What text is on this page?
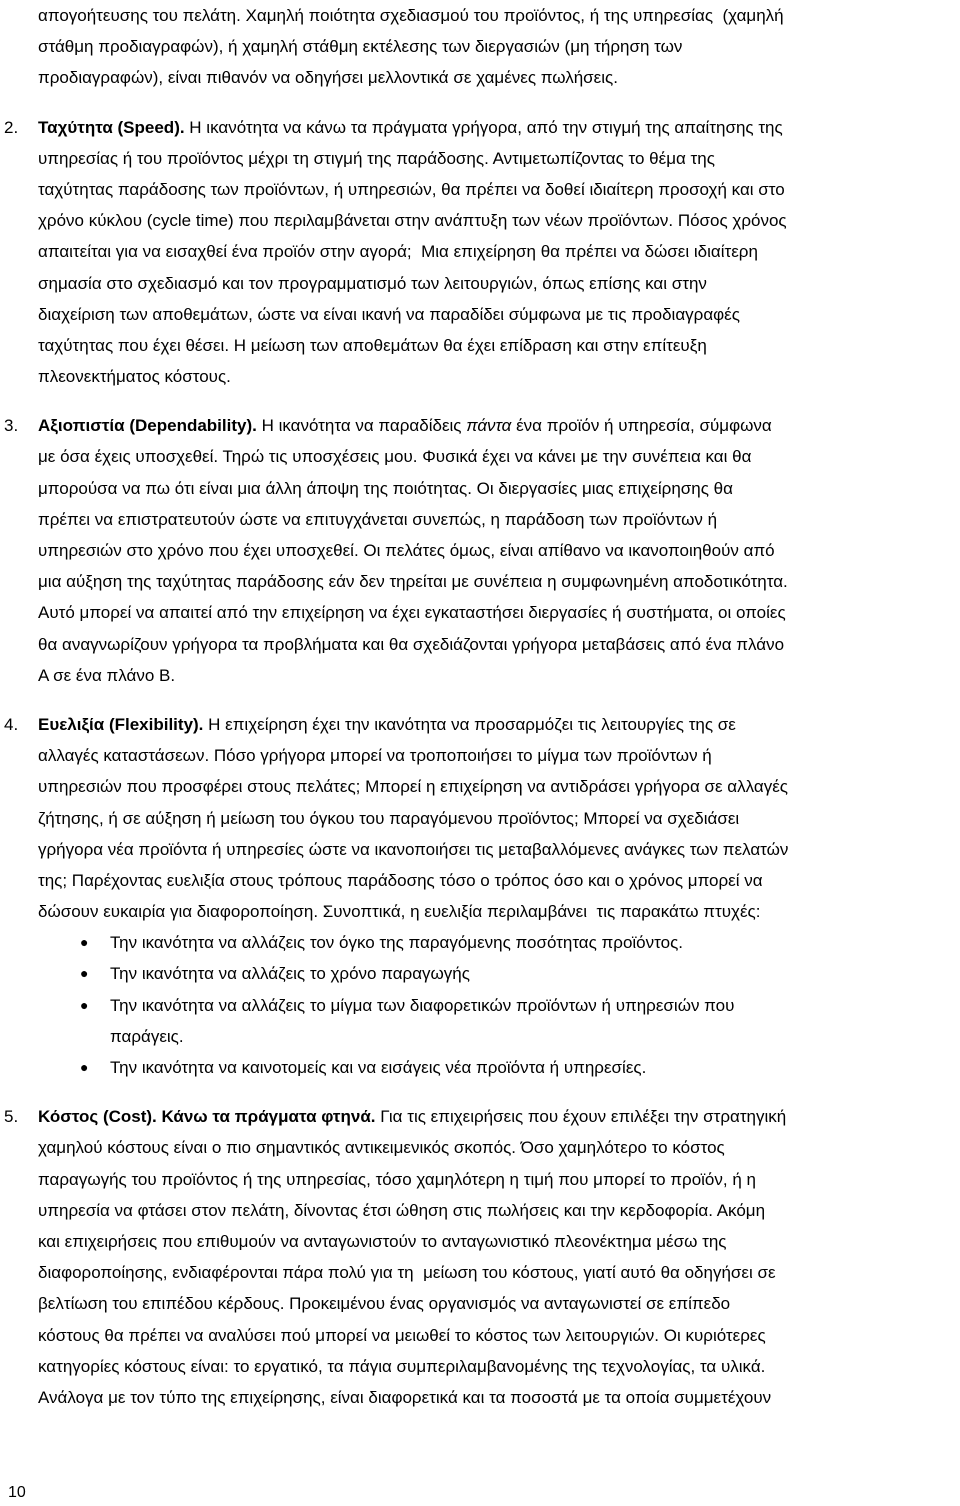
απογοήτευσης του πελάτη. Χαμηλή ποιότητα σχεδιασμού του προϊόντος, ή της υπηρεσίας  (χαμηλή
στάθμη προδιαγραφών), ή χαμηλή στάθμη εκτέλεσης των διεργασιών (μη τήρηση των
προδιαγραφών), είναι πιθανόν να οδηγήσει μελλοντικά σε χαμένες πωλήσεις.
2.	Ταχύτητα (Speed). Η ικανότητα να κάνω τα πράγματα γρήγορα, από την στιγμή της απαίτησης της
υπηρεσίας ή του προϊόντος μέχρι τη στιγμή της παράδοσης. Αντιμετωπίζοντας το θέμα της
ταχύτητας παράδοσης των προϊόντων, ή υπηρεσιών, θα πρέπει να δοθεί ιδιαίτερη προσοχή και στο
χρόνο κύκλου (cycle time) που περιλαμβάνεται στην ανάπτυξη των νέων προϊόντων. Πόσος χρόνος
απαιτείται για να εισαχθεί ένα προϊόν στην αγορά;  Μια επιχείρηση θα πρέπει να δώσει ιδιαίτερη
σημασία στο σχεδιασμό και τον προγραμματισμό των λειτουργιών, όπως επίσης και στην
διαχείριση των αποθεμάτων, ώστε να είναι ικανή να παραδίδει σύμφωνα με τις προδιαγραφές
ταχύτητας που έχει θέσει. Η μείωση των αποθεμάτων θα έχει επίδραση και στην επίτευξη
πλεονεκτήματος κόστους.
3.	Αξιοπιστία (Dependability). Η ικανότητα να παραδίδεις πάντα ένα προϊόν ή υπηρεσία, σύμφωνα
με όσα έχεις υποσχεθεί. Τηρώ τις υποσχέσεις μου. Φυσικά έχει να κάνει με την συνέπεια και θα
μπορούσα να πω ότι είναι μια άλλη άποψη της ποιότητας. Οι διεργασίες μιας επιχείρησης θα
πρέπει να επιστρατευτούν ώστε να επιτυγχάνεται συνεπώς, η παράδοση των προϊόντων ή
υπηρεσιών στο χρόνο που έχει υποσχεθεί. Οι πελάτες όμως, είναι απίθανο να ικανοποιηθούν από
μια αύξηση της ταχύτητας παράδοσης εάν δεν τηρείται με συνέπεια η συμφωνημένη αποδοτικότητα.
Αυτό μπορεί να απαιτεί από την επιχείρηση να έχει εγκαταστήσει διεργασίες ή συστήματα, οι οποίες
θα αναγνωρίζουν γρήγορα τα προβλήματα και θα σχεδιάζονται γρήγορα μεταβάσεις από ένα πλάνο
Α σε ένα πλάνο Β.
4.	Ευελιξία (Flexibility). Η επιχείρηση έχει την ικανότητα να προσαρμόζει τις λειτουργίες της σε
αλλαγές καταστάσεων. Πόσο γρήγορα μπορεί να τροποποιήσει το μίγμα των προϊόντων ή
υπηρεσιών που προσφέρει στους πελάτες; Μπορεί η επιχείρηση να αντιδράσει γρήγορα σε αλλαγές
ζήτησης, ή σε αύξηση ή μείωση του όγκου του παραγόμενου προϊόντος; Μπορεί να σχεδιάσει
γρήγορα νέα προϊόντα ή υπηρεσίες ώστε να ικανοποιήσει τις μεταβαλλόμενες ανάγκες των πελατών
της; Παρέχοντας ευελιξία στους τρόπους παράδοσης τόσο ο τρόπος όσο και ο χρόνος μπορεί να
δώσουν ευκαιρία για διαφοροποίηση. Συνοπτικά, η ευελιξία περιλαμβάνει  τις παρακάτω πτυχές:
● Την ικανότητα να αλλάζεις τον όγκο της παραγόμενης ποσότητας προϊόντος.
● Την ικανότητα να αλλάζεις το χρόνο παραγωγής
● Την ικανότητα να αλλάζεις το μίγμα των διαφορετικών προϊόντων ή υπηρεσιών που
παράγεις.
● Την ικανότητα να καινοτομείς και να εισάγεις νέα προϊόντα ή υπηρεσίες.
5.	Κόστος (Cost). Κάνω τα πράγματα φτηνά. Για τις επιχειρήσεις που έχουν επιλέξει την στρατηγική
χαμηλού κόστους είναι ο πιο σημαντικός αντικειμενικός σκοπός. Όσο χαμηλότερο το κόστος
παραγωγής του προϊόντος ή της υπηρεσίας, τόσο χαμηλότερη η τιμή που μπορεί το προϊόν, ή η
υπηρεσία να φτάσει στον πελάτη, δίνοντας έτσι ώθηση στις πωλήσεις και την κερδοφορία. Ακόμη
και επιχειρήσεις που επιθυμούν να ανταγωνιστούν το ανταγωνιστικό πλεονέκτημα μέσω της
διαφοροποίησης, ενδιαφέρονται πάρα πολύ για τη  μείωση του κόστους, γιατί αυτό θα οδηγήσει σε
βελτίωση του επιπέδου κέρδους. Προκειμένου ένας οργανισμός να ανταγωνιστεί σε επίπεδο
κόστους θα πρέπει να αναλύσει πού μπορεί να μειωθεί το κόστος των λειτουργιών. Οι κυριότερες
κατηγορίες κόστους είναι: το εργατικό, τα πάγια συμπεριλαμβανομένης της τεχνολογίας, τα υλικά.
Ανάλογα με τον τύπο της επιχείρησης, είναι διαφορετικά και τα ποσοστά με τα οποία συμμετέχουν
10
